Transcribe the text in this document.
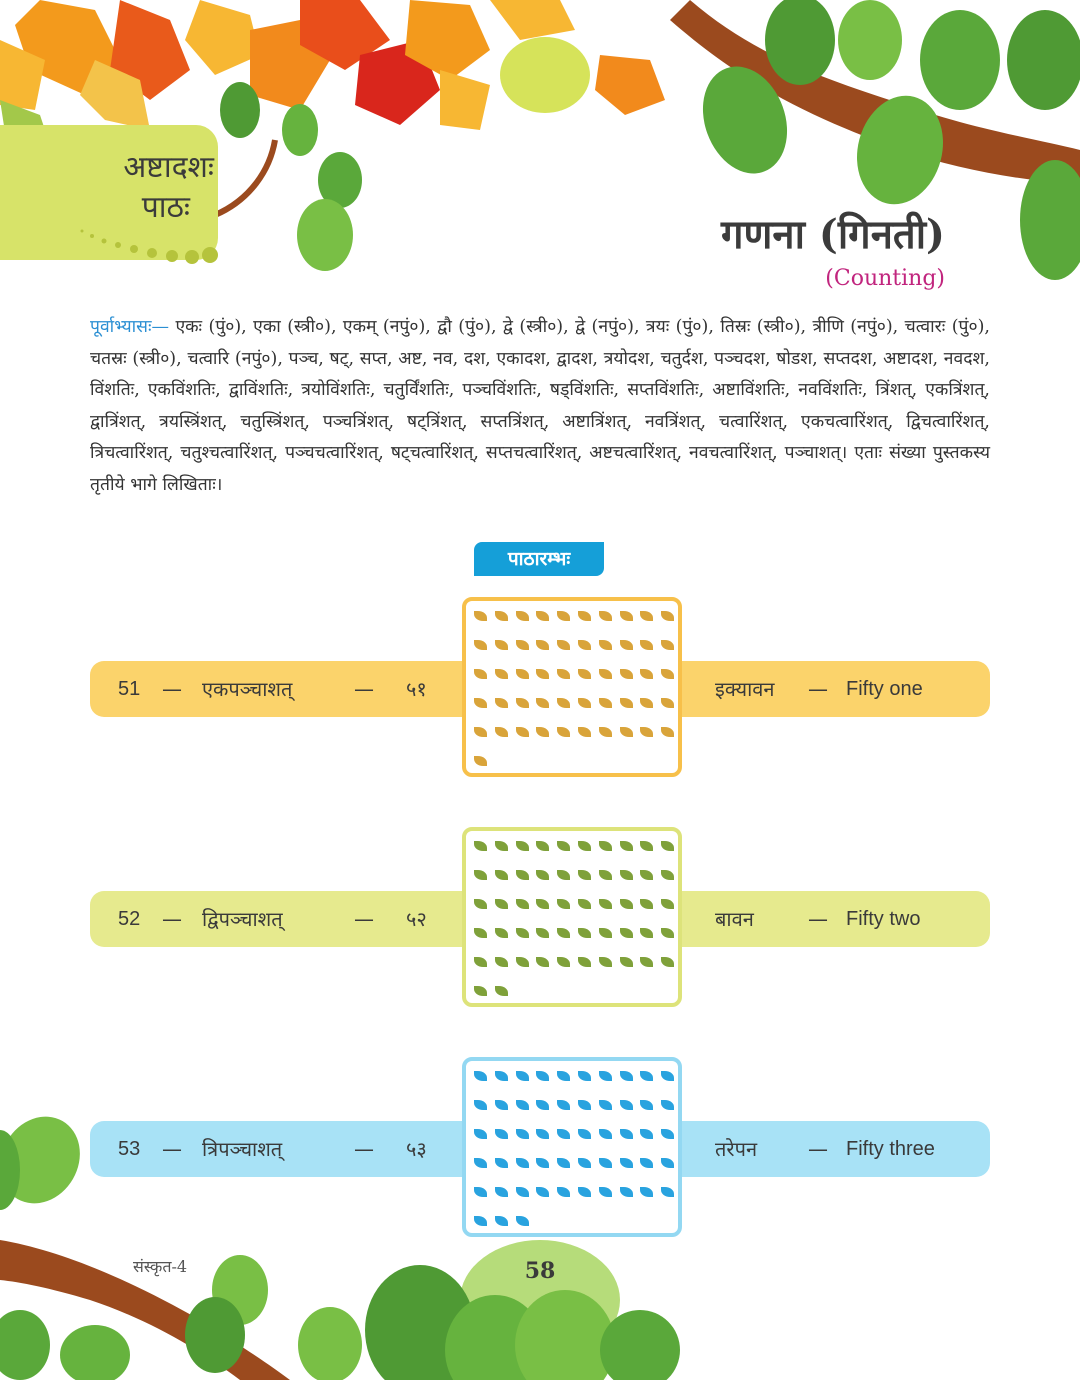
अष्टादशः
पाठः
गणना (गिनती)
(Counting)
पूर्वाभ्यासः— एकः (पुं०), एका (स्त्री०), एकम् (नपुं०), द्वौ (पुं०), द्वे (स्त्री०), द्वे (नपुं०), त्रयः (पुं०), तिस्रः (स्त्री०), त्रीणि (नपुं०), चत्वारः (पुं०), चतस्रः (स्त्री०), चत्वारि (नपुं०), पञ्च, षट्, सप्त, अष्ट, नव, दश, एकादश, द्वादश, त्रयोदश, चतुर्दश, पञ्चदश, षोडश, सप्तदश, अष्टादश, नवदश, विंशतिः, एकविंशतिः, द्वाविंशतिः, त्रयोविंशतिः, चतुर्विंशतिः, पञ्चविंशतिः, षड्विंशतिः, सप्तविंशतिः, अष्टाविंशतिः, नवविंशतिः, त्रिंशत्, एकत्रिंशत्, द्वात्रिंशत्, त्रयस्त्रिंशत्, चतुस्त्रिंशत्, पञ्चत्रिंशत्, षट्त्रिंशत्, सप्तत्रिंशत्, अष्टात्रिंशत्, नवत्रिंशत्, चत्वारिंशत्, एकचत्वारिंशत्, द्विचत्वारिंशत्, त्रिचत्वारिंशत्, चतुश्चत्वारिंशत्, पञ्चचत्वारिंशत्, षट्चत्वारिंशत्, सप्तचत्वारिंशत्, अष्टचत्वारिंशत्, नवचत्वारिंशत्, पञ्चाशत्। एताः संख्या पुस्तकस्य तृतीये भागे लिखिताः।
पाठारम्भः
51 — एकपञ्चाशत्	— ५१	इक्यावन — Fifty one
52 — द्विपञ्चाशत्	— ५२	बावन	— Fifty two
53 — त्रिपञ्चाशत्	— ५३	तरेपन	— Fifty three
संस्कृत-4	58
